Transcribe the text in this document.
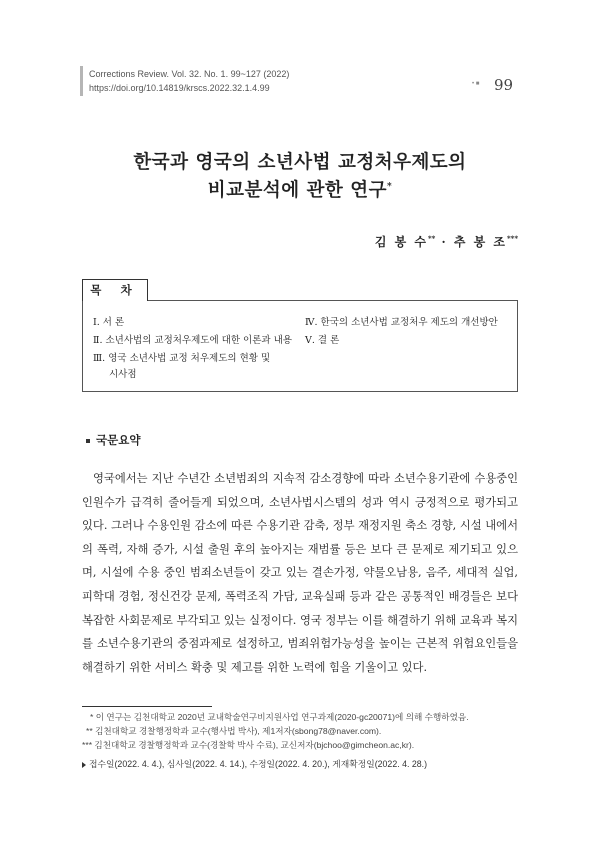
Corrections Review. Vol. 32. No. 1. 99~127 (2022)
https://doi.org/10.14819/krscs.2022.32.1.4.99	• ■ 99
한국과 영국의 소년사법 교정처우제도의
비교분석에 관한 연구*
김 봉 수** · 추 봉 조***
Ⅰ. 서 론
Ⅱ. 소년사법의 교정처우제도에 대한 이론과 내용
Ⅲ. 영국 소년사법 교정 처우제도의 현황 및
시사점
Ⅳ. 한국의 소년사법 교정처우 제도의 개선방안
Ⅴ. 결 론
목 차
국문요약
영국에서는 지난 수년간 소년범죄의 지속적 감소경향에 따라 소년수용기관에 수용중인 인원수가 급격히 줄어들게 되었으며, 소년사법시스템의 성과 역시 긍정적으로 평가되고 있다. 그러나 수용인원 감소에 따른 수용기관 감축, 정부 재정지원 축소 경향, 시설 내에서의 폭력, 자해 증가, 시설 출원 후의 높아지는 재범률 등은 보다 큰 문제로 제기되고 있으며, 시설에 수용 중인 범죄소년들이 갖고 있는 결손가정, 약물오남용, 음주, 세대적 실업, 피학대 경험, 정신건강 문제, 폭력조직 가담, 교육실패 등과 같은 공통적인 배경들은 보다 복잡한 사회문제로 부각되고 있는 실정이다. 영국 정부는 이를 해결하기 위해 교육과 복지를 소년수용기관의 중점과제로 설정하고, 범죄위험가능성을 높이는 근본적 위험요인들을 해결하기 위한 서비스 확충 및 제고를 위한 노력에 힘을 기울이고 있다.
* 이 연구는 김천대학교 2020년 교내학술연구비지원사업 연구과제(2020-gc20071)에 의해 수행하였음.
** 김천대학교 경찰행정학과 교수(행사법 박사), 제1저자(sbong78@naver.com).
*** 김천대학교 경찰행정학과 교수(경찰학 박사 수료), 교신저자(bjchoo@gimcheon.ac,kr).
접수일(2022. 4. 4.), 심사일(2022. 4. 14.), 수정일(2022. 4. 20.), 게재확정일(2022. 4. 28.)
